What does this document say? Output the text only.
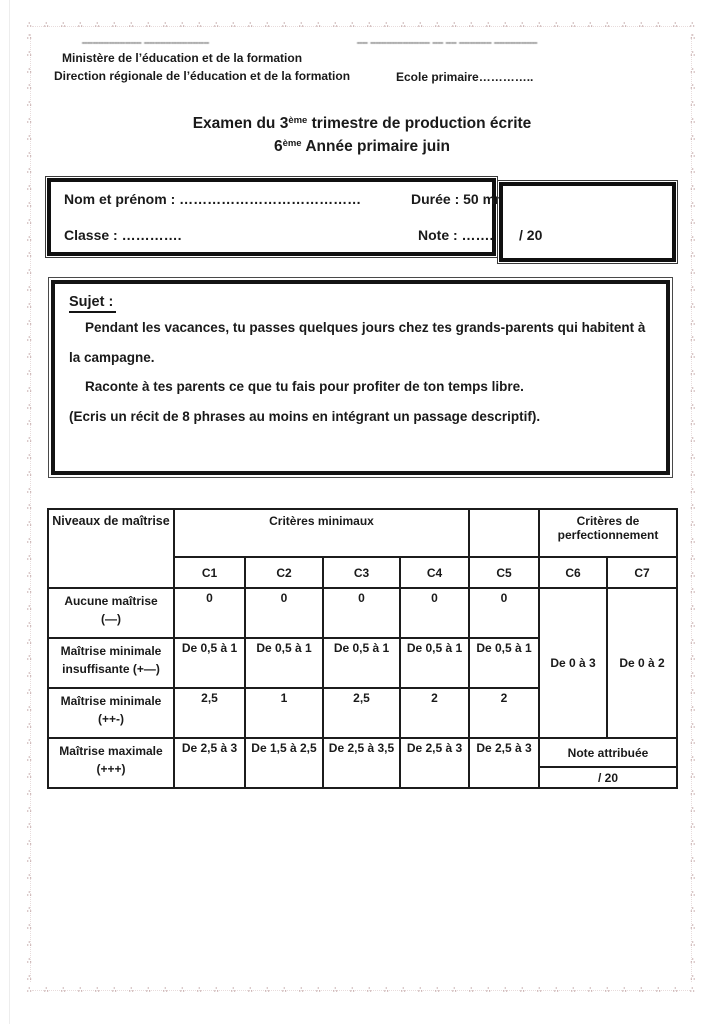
∴ ∴ ∴ ∴ ∴ ∴ ∴ ∴ ∴ ∴ ∴ ∴ ∴ ∴ ∴ ∴ ∴ ∴ ∴ ∴ ∴ ∴ ∴ ∴ ∴ ∴ ∴ ∴ ∴ ∴ ∴ ∴ ∴ ∴ ∴ ∴ ∴ ∴ ∴ ∴
∴ ∴ ∴ ∴ ∴ ∴ ∴ ∴ ∴ ∴ ∴ ∴ ∴ ∴ ∴ ∴ ∴ ∴ ∴ ∴ ∴ ∴ ∴ ∴ ∴ ∴ ∴ ∴ ∴ ∴ ∴ ∴ ∴ ∴ ∴ ∴ ∴ ∴ ∴ ∴
∴
∴
∴
∴
∴
∴
∴
∴
∴
∴
∴
∴
∴
∴
∴
∴
∴
∴
∴
∴
∴
∴
∴
∴
∴
∴
∴
∴
∴
∴
∴
∴
∴
∴
∴
∴
∴
∴
∴
∴
∴
∴
∴
∴
∴
∴
∴
∴
∴
∴
∴
∴
∴
∴
∴
∴
∴
∴
∴
∴
∴
∴
∴
∴
∴
∴
∴
∴
∴
∴
∴
∴
∴
∴
∴
∴
∴
∴
∴
∴
∴
∴
∴
∴
∴
∴
∴
∴
∴
∴
∴
∴
∴
∴
∴
∴
∴
∴
∴
∴
∴
∴
∴
∴
∴
∴
∴
∴
∴
∴
∴
∴
∴
∴
╌╌╌╌╌╌╌╌╌╌╌ ╌╌╌╌╌╌╌╌╌╌╌╌	╌╌ ╌╌╌╌╌╌╌╌╌╌╌ ╌╌ ╌╌ ╌╌╌╌╌╌ ╌╌╌╌╌╌╌╌
Ministère de l’éducation et de la formation
Direction régionale de l’éducation et de la formation	Ecole primaire…………..
Examen du 3ème trimestre de production écrite
6ème Année primaire juin
Nom et prénom : …………………………………	Durée : 50 mn
Classe : ………….	Note : ……. / 20
Sujet :

Pendant les vacances, tu passes quelques jours chez tes grands-parents qui habitent à la campagne.

Raconte à tes parents ce que tu fais pour profiter de ton temps libre.

(Ecris un récit de 8 phrases au moins en intégrant un passage descriptif).

Niveaux de maîtrise	Critères minimaux					Critères de perfectionnement	
	C1	C2	C3	C4	C5	C6	C7

Aucune maîtrise
(—)	0	0	0	0	0	De 0 à 3	De 0 à 2

Maîtrise minimale
insuffisante (+—)	De 0,5 à 1	De 0,5 à 1	De 0,5 à 1	De 0,5 à 1	De 0,5 à 1		

Maîtrise minimale
(++-)	2,5	1	2,5	2	2		

Maîtrise maximale
(+++)
	De 2,5 à 3	De 1,5 à 2,5	De 2,5 à 3,5	De 2,5 à 3	De 2,5 à 3	Note attribuée
/ 20
